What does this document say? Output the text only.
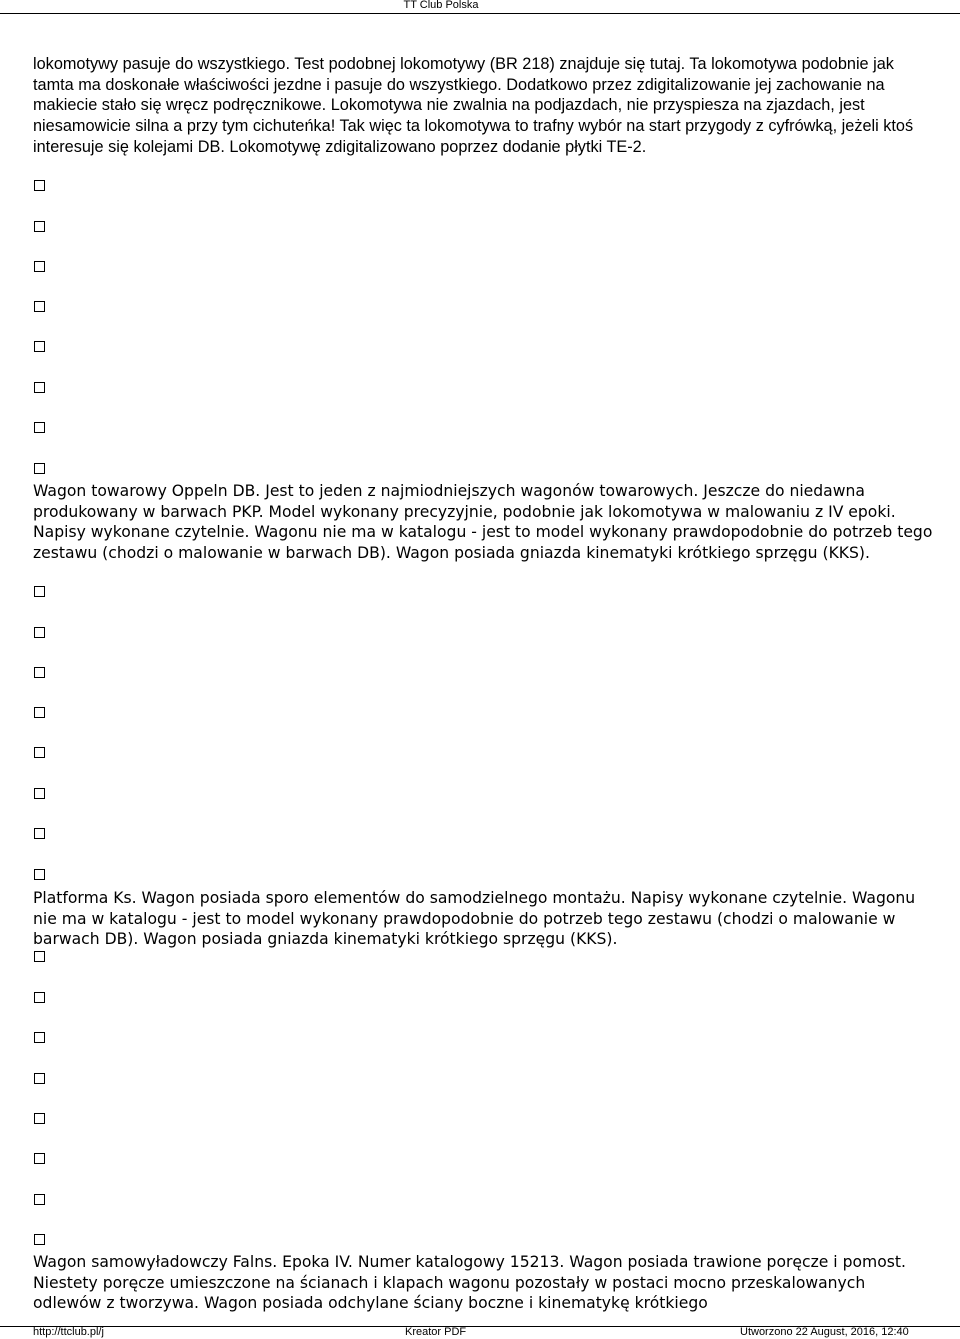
TT Club Polska

lokomotywy pasuje do wszystkiego. Test podobnej lokomotywy (BR 218) znajduje się tutaj. Ta lokomotywa podobnie jak tamta ma doskonałe właściwości jezdne i pasuje do wszystkiego. Dodatkowo przez zdigitalizowanie jej zachowanie na makiecie stało się wręcz podręcznikowe. Lokomotywa nie zwalnia na podjazdach, nie przyspiesza na zjazdach, jest niesamowicie silna a przy tym cichuteńka! Tak więc ta lokomotywa to trafny wybór na start przygody z cyfrówką, jeżeli ktoś interesuje się kolejami DB. Lokomotywę zdigitalizowano poprzez dodanie płytki TE-2.

Wagon towarowy Oppeln DB. Jest to jeden z najmiodniejszych wagonów towarowych. Jeszcze do niedawna produkowany w barwach PKP. Model wykonany precyzyjnie, podobnie jak lokomotywa w malowaniu z IV epoki. Napisy wykonane czytelnie. Wagonu nie ma w katalogu - jest to model wykonany prawdopodobnie do potrzeb tego zestawu (chodzi o malowanie w barwach DB). Wagon posiada gniazda kinematyki krótkiego sprzęgu (KKS).

Platforma Ks. Wagon posiada sporo elementów do samodzielnego montażu. Napisy wykonane czytelnie. Wagonu nie ma w katalogu - jest to model wykonany prawdopodobnie do potrzeb tego zestawu (chodzi o malowanie w barwach DB). Wagon posiada gniazda kinematyki krótkiego sprzęgu (KKS).

Wagon samowyładowczy Falns. Epoka IV. Numer katalogowy 15213. Wagon posiada trawione poręcze i pomost. Niestety poręcze umieszczone na ścianach i klapach wagonu pozostały w postaci mocno przeskalowanych odlewów z tworzywa. Wagon posiada odchylane ściany boczne i kinematykę krótkiego

http://ttclub.pl/j	Kreator PDF	Utworzono 22 August, 2016, 12:40
